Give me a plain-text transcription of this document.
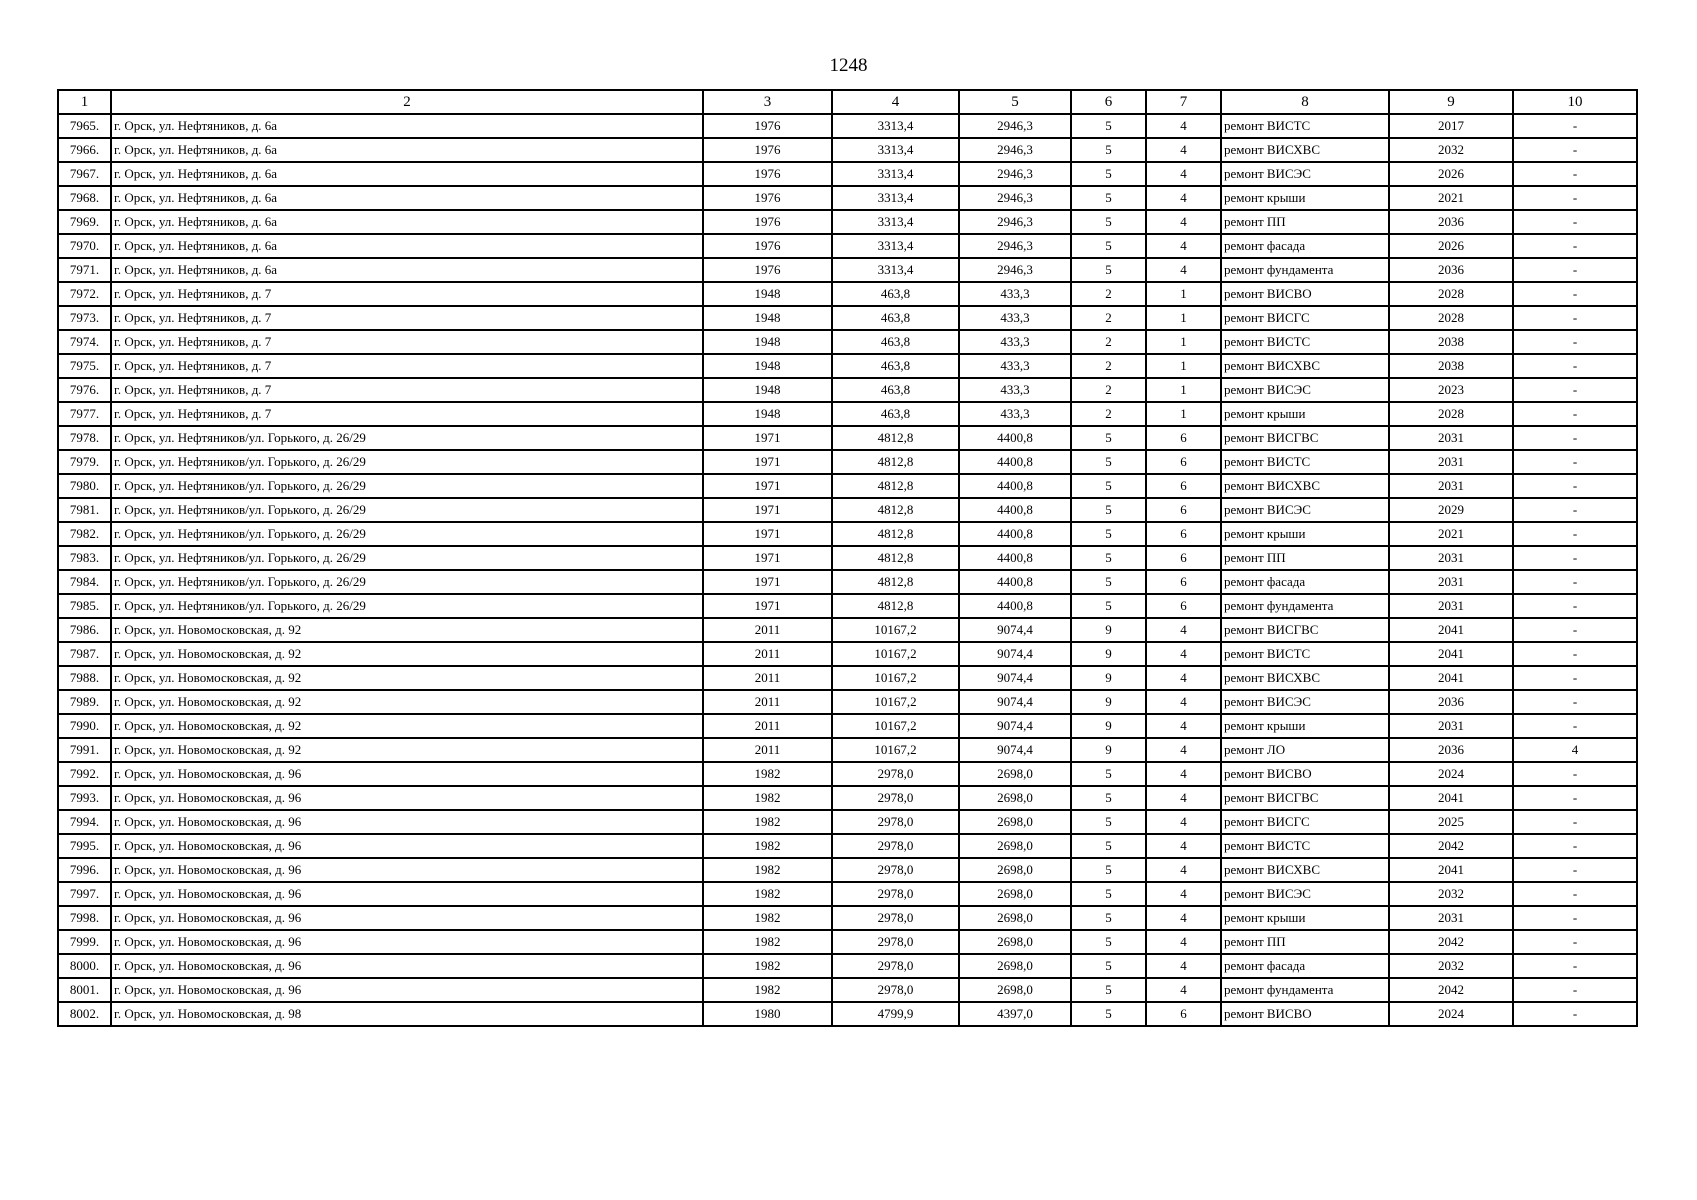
1248
1	2	3	4	5	6	7	8	9	10
7965.	г. Орск, ул. Нефтяников, д. 6а	1976	3313,4	2946,3	5	4	ремонт ВИСТС	2017	-
7966.	г. Орск, ул. Нефтяников, д. 6а	1976	3313,4	2946,3	5	4	ремонт ВИСХВС	2032	-
7967.	г. Орск, ул. Нефтяников, д. 6а	1976	3313,4	2946,3	5	4	ремонт ВИСЭС	2026	-
7968.	г. Орск, ул. Нефтяников, д. 6а	1976	3313,4	2946,3	5	4	ремонт крыши	2021	-
7969.	г. Орск, ул. Нефтяников, д. 6а	1976	3313,4	2946,3	5	4	ремонт ПП	2036	-
7970.	г. Орск, ул. Нефтяников, д. 6а	1976	3313,4	2946,3	5	4	ремонт фасада	2026	-
7971.	г. Орск, ул. Нефтяников, д. 6а	1976	3313,4	2946,3	5	4	ремонт фундамента	2036	-
7972.	г. Орск, ул. Нефтяников, д. 7	1948	463,8	433,3	2	1	ремонт ВИСВО	2028	-
7973.	г. Орск, ул. Нефтяников, д. 7	1948	463,8	433,3	2	1	ремонт ВИСГС	2028	-
7974.	г. Орск, ул. Нефтяников, д. 7	1948	463,8	433,3	2	1	ремонт ВИСТС	2038	-
7975.	г. Орск, ул. Нефтяников, д. 7	1948	463,8	433,3	2	1	ремонт ВИСХВС	2038	-
7976.	г. Орск, ул. Нефтяников, д. 7	1948	463,8	433,3	2	1	ремонт ВИСЭС	2023	-
7977.	г. Орск, ул. Нефтяников, д. 7	1948	463,8	433,3	2	1	ремонт крыши	2028	-
7978.	г. Орск, ул. Нефтяников/ул. Горького, д. 26/29	1971	4812,8	4400,8	5	6	ремонт ВИСГВС	2031	-
7979.	г. Орск, ул. Нефтяников/ул. Горького, д. 26/29	1971	4812,8	4400,8	5	6	ремонт ВИСТС	2031	-
7980.	г. Орск, ул. Нефтяников/ул. Горького, д. 26/29	1971	4812,8	4400,8	5	6	ремонт ВИСХВС	2031	-
7981.	г. Орск, ул. Нефтяников/ул. Горького, д. 26/29	1971	4812,8	4400,8	5	6	ремонт ВИСЭС	2029	-
7982.	г. Орск, ул. Нефтяников/ул. Горького, д. 26/29	1971	4812,8	4400,8	5	6	ремонт крыши	2021	-
7983.	г. Орск, ул. Нефтяников/ул. Горького, д. 26/29	1971	4812,8	4400,8	5	6	ремонт ПП	2031	-
7984.	г. Орск, ул. Нефтяников/ул. Горького, д. 26/29	1971	4812,8	4400,8	5	6	ремонт фасада	2031	-
7985.	г. Орск, ул. Нефтяников/ул. Горького, д. 26/29	1971	4812,8	4400,8	5	6	ремонт фундамента	2031	-
7986.	г. Орск, ул. Новомосковская, д. 92	2011	10167,2	9074,4	9	4	ремонт ВИСГВС	2041	-
7987.	г. Орск, ул. Новомосковская, д. 92	2011	10167,2	9074,4	9	4	ремонт ВИСТС	2041	-
7988.	г. Орск, ул. Новомосковская, д. 92	2011	10167,2	9074,4	9	4	ремонт ВИСХВС	2041	-
7989.	г. Орск, ул. Новомосковская, д. 92	2011	10167,2	9074,4	9	4	ремонт ВИСЭС	2036	-
7990.	г. Орск, ул. Новомосковская, д. 92	2011	10167,2	9074,4	9	4	ремонт крыши	2031	-
7991.	г. Орск, ул. Новомосковская, д. 92	2011	10167,2	9074,4	9	4	ремонт ЛО	2036	4
7992.	г. Орск, ул. Новомосковская, д. 96	1982	2978,0	2698,0	5	4	ремонт ВИСВО	2024	-
7993.	г. Орск, ул. Новомосковская, д. 96	1982	2978,0	2698,0	5	4	ремонт ВИСГВС	2041	-
7994.	г. Орск, ул. Новомосковская, д. 96	1982	2978,0	2698,0	5	4	ремонт ВИСГС	2025	-
7995.	г. Орск, ул. Новомосковская, д. 96	1982	2978,0	2698,0	5	4	ремонт ВИСТС	2042	-
7996.	г. Орск, ул. Новомосковская, д. 96	1982	2978,0	2698,0	5	4	ремонт ВИСХВС	2041	-
7997.	г. Орск, ул. Новомосковская, д. 96	1982	2978,0	2698,0	5	4	ремонт ВИСЭС	2032	-
7998.	г. Орск, ул. Новомосковская, д. 96	1982	2978,0	2698,0	5	4	ремонт крыши	2031	-
7999.	г. Орск, ул. Новомосковская, д. 96	1982	2978,0	2698,0	5	4	ремонт ПП	2042	-
8000.	г. Орск, ул. Новомосковская, д. 96	1982	2978,0	2698,0	5	4	ремонт фасада	2032	-
8001.	г. Орск, ул. Новомосковская, д. 96	1982	2978,0	2698,0	5	4	ремонт фундамента	2042	-
8002.	г. Орск, ул. Новомосковская, д. 98	1980	4799,9	4397,0	5	6	ремонт ВИСВО	2024	-
